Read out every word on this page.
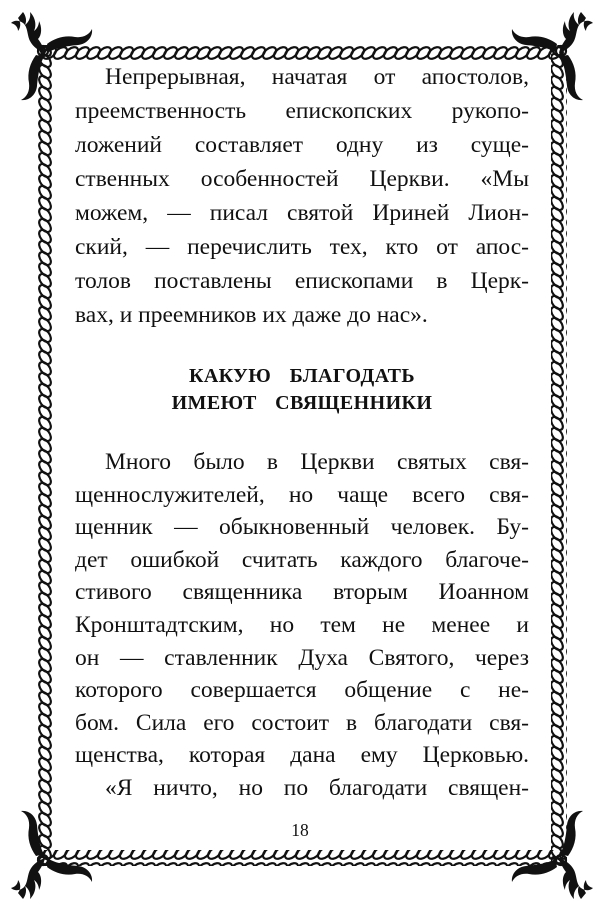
Непрерывная, начатая от апостолов,
преемственность епископских рукопо-
ложений составляет одну из суще-
ственных особенностей Церкви. «Мы
можем, — писал святой Ириней Лион-
ский, — перечислить тех, кто от апос-
толов поставлены епископами в Церк-
вах, и преемников их даже до нас».
КАКУЮ БЛАГОДАТЬ
ИМЕЮТ СВЯЩЕННИКИ
Много было в Церкви святых свя-
щеннослужителей, но чаще всего свя-
щенник — обыкновенный человек. Бу-
дет ошибкой считать каждого благоче-
стивого священника вторым Иоанном
Кронштадтским, но тем не менее и
он — ставленник Духа Святого, через
которого совершается общение с не-
бом. Сила его состоит в благодати свя-
щенства, которая дана ему Церковью.
«Я ничто, но по благодати священ-
18
